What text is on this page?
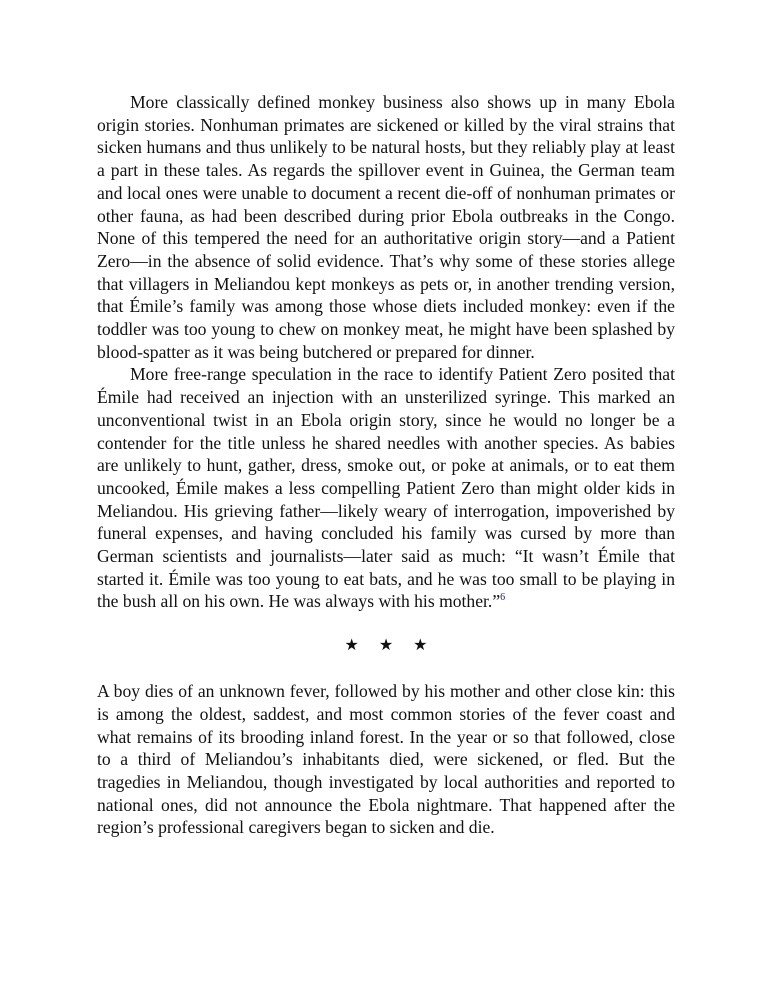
More classically defined monkey business also shows up in many Ebola origin stories. Nonhuman primates are sickened or killed by the viral strains that sicken humans and thus unlikely to be natural hosts, but they reliably play at least a part in these tales. As regards the spillover event in Guinea, the German team and local ones were unable to document a recent die-off of nonhuman primates or other fauna, as had been described during prior Ebola outbreaks in the Congo. None of this tempered the need for an authoritative origin story—and a Patient Zero—in the absence of solid evidence. That’s why some of these stories allege that villagers in Meliandou kept monkeys as pets or, in another trending version, that Émile’s family was among those whose diets included monkey: even if the toddler was too young to chew on monkey meat, he might have been splashed by blood-spatter as it was being butchered or prepared for dinner.

More free-range speculation in the race to identify Patient Zero posited that Émile had received an injection with an unsterilized syringe. This marked an unconventional twist in an Ebola origin story, since he would no longer be a contender for the title unless he shared needles with another species. As babies are unlikely to hunt, gather, dress, smoke out, or poke at animals, or to eat them uncooked, Émile makes a less compelling Patient Zero than might older kids in Meliandou. His grieving father—likely weary of interrogation, impoverished by funeral expenses, and having concluded his family was cursed by more than German scientists and journalists—later said as much: “It wasn’t Émile that started it. Émile was too young to eat bats, and he was too small to be playing in the bush all on his own. He was always with his mother.”$^6$

★ ★ ★

A boy dies of an unknown fever, followed by his mother and other close kin: this is among the oldest, saddest, and most common stories of the fever coast and what remains of its brooding inland forest. In the year or so that followed, close to a third of Meliandou’s inhabitants died, were sickened, or fled. But the tragedies in Meliandou, though investigated by local authorities and reported to national ones, did not announce the Ebola nightmare. That happened after the region’s professional caregivers began to sicken and die.
